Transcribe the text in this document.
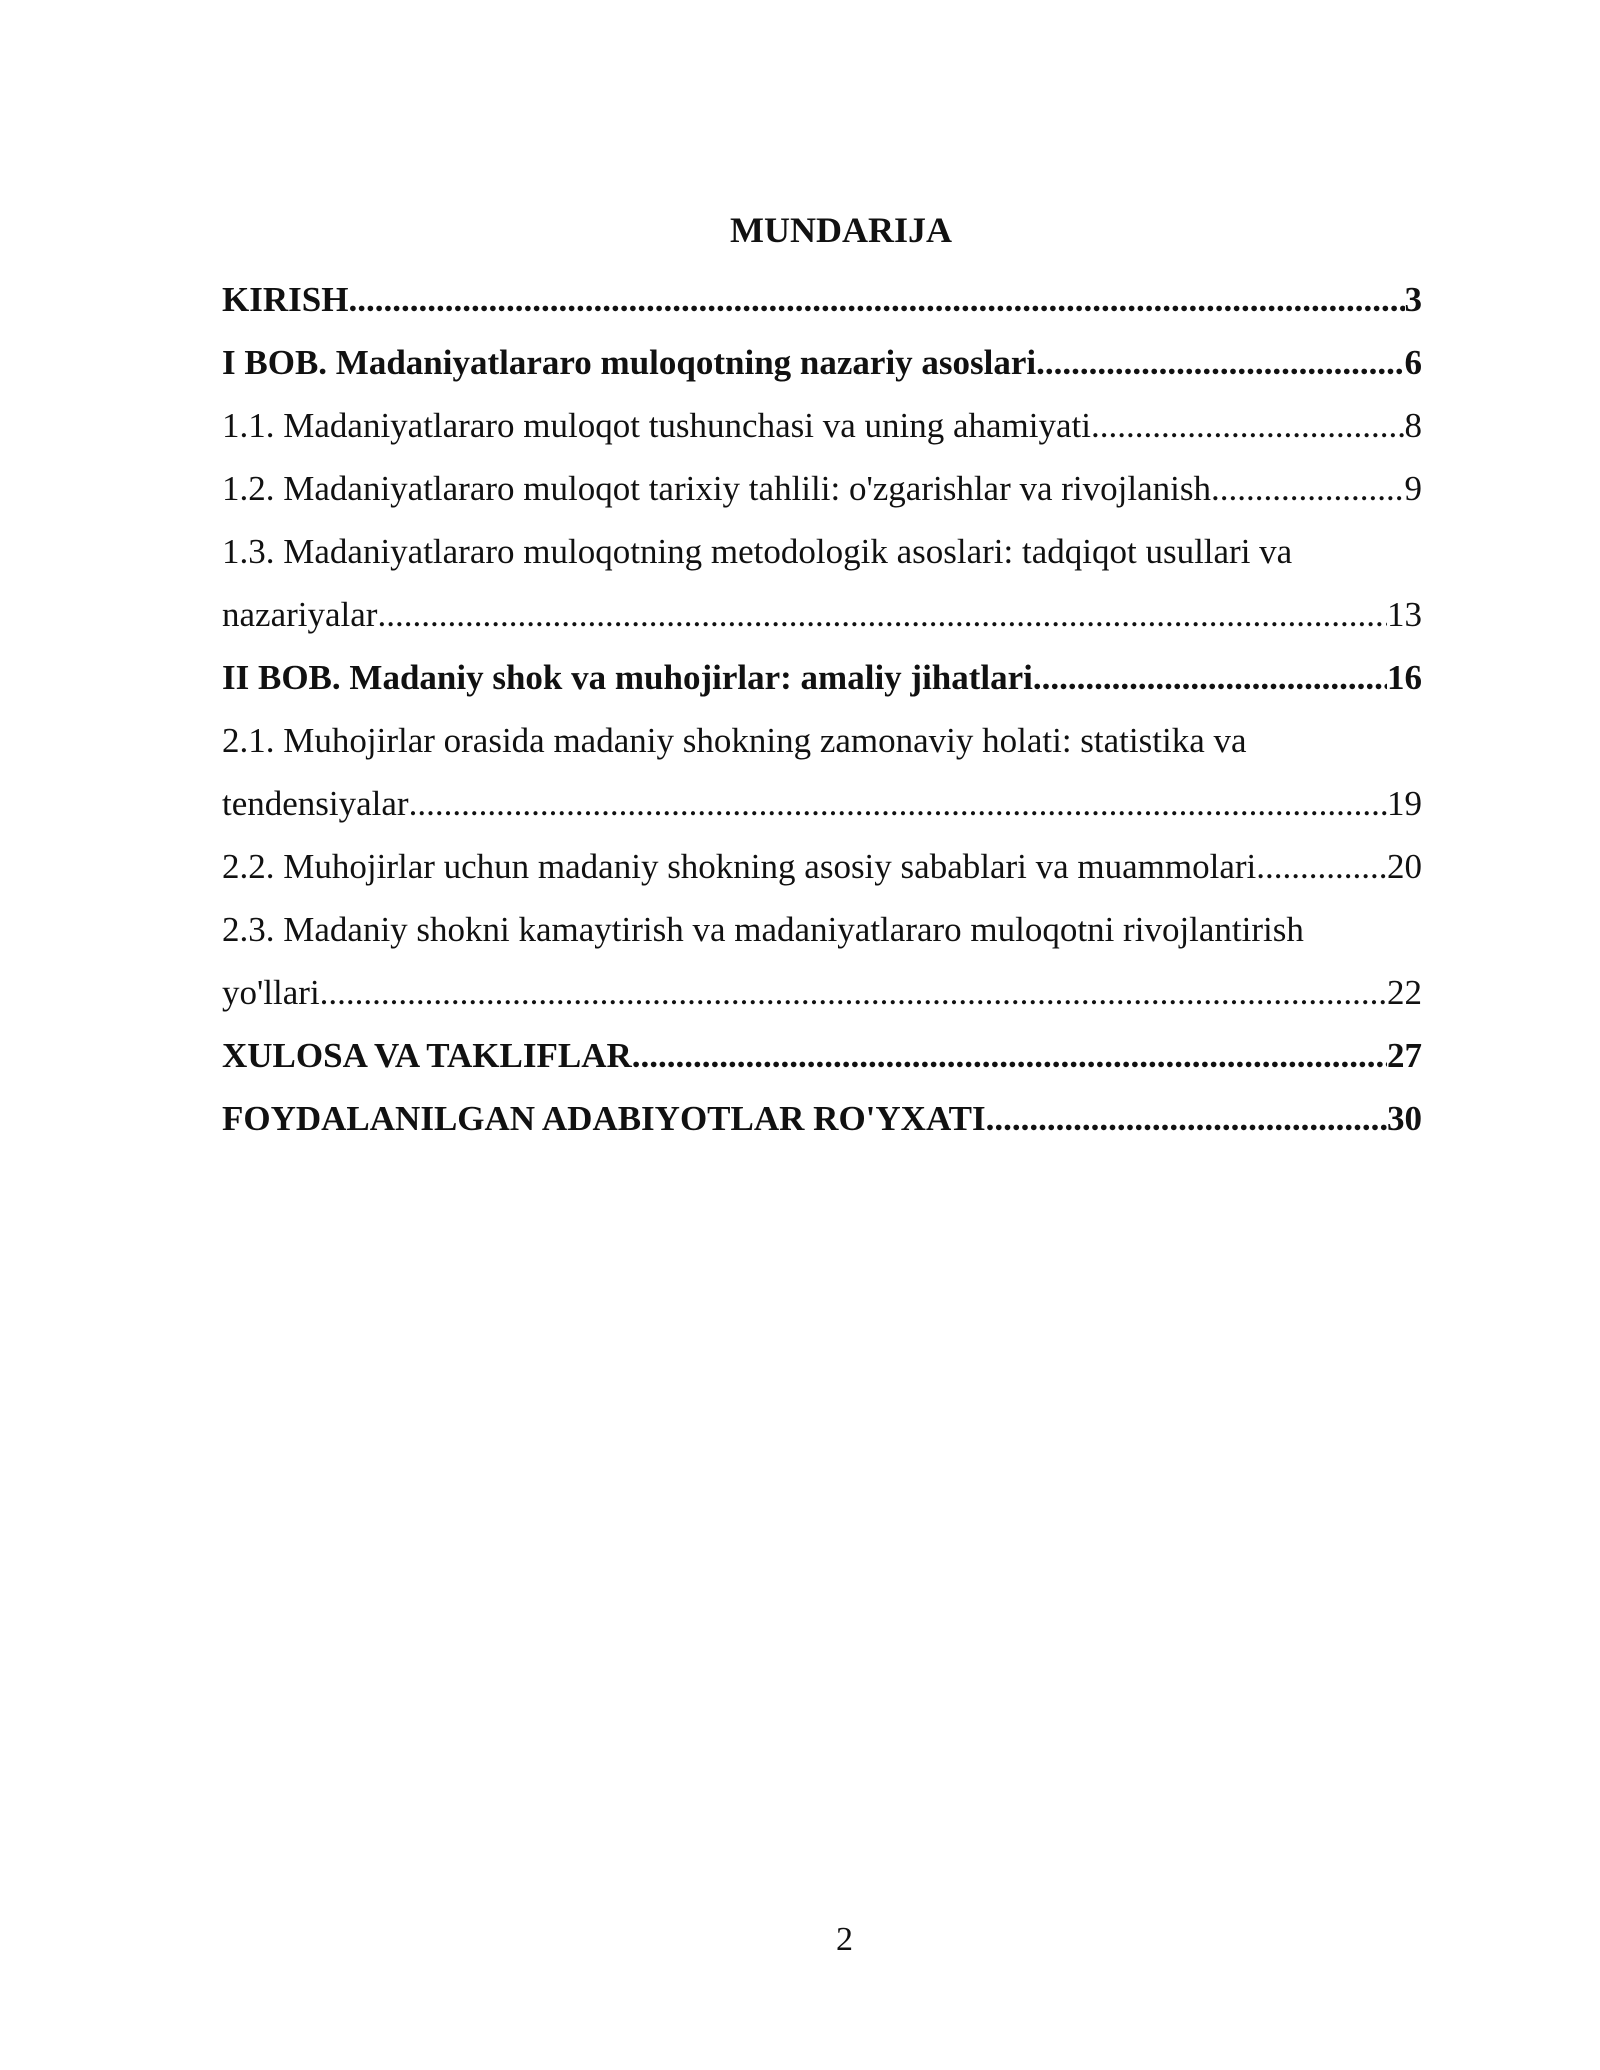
MUNDARIJA
KIRISH .....	3
I BOB. Madaniyatlararo muloqotning nazariy asoslari .....	6
1.1. Madaniyatlararo muloqot tushunchasi va uning ahamiyati .....	8
1.2. Madaniyatlararo muloqot tarixiy tahlili: o'zgarishlar va rivojlanish .....	9
1.3. Madaniyatlararo muloqotning metodologik asoslari: tadqiqot usullari va
nazariyalar .....	13
II BOB. Madaniy shok va muhojirlar: amaliy jihatlari .....	16
2.1. Muhojirlar orasida madaniy shokning zamonaviy holati: statistika va
tendensiyalar .....	19
2.2. Muhojirlar uchun madaniy shokning asosiy sabablari va muammolari .....	20
2.3. Madaniy shokni kamaytirish va madaniyatlararo muloqotni rivojlantirish
yo'llari .....	22
XULOSA VA TAKLIFLAR .....	27
FOYDALANILGAN ADABIYOTLAR RO'YXATI .....	30
2
